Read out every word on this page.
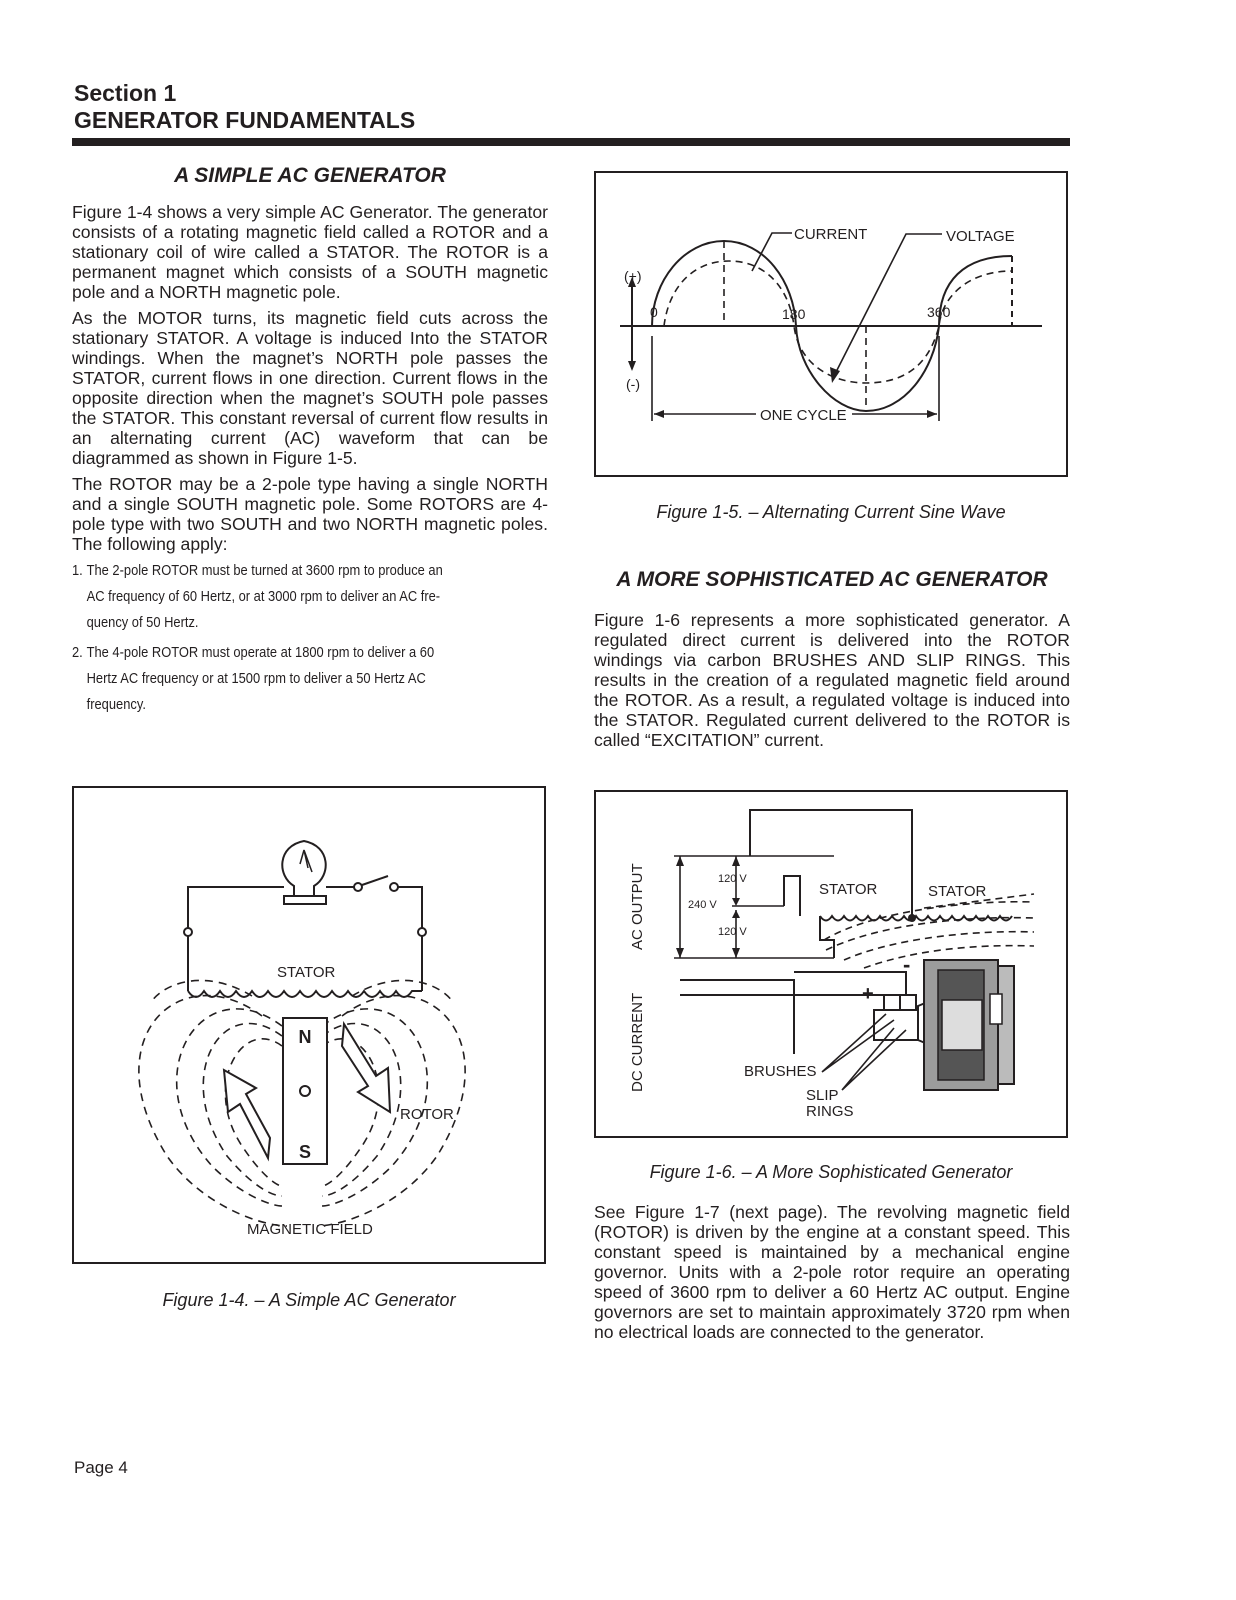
Section 1
GENERATOR FUNDAMENTALS
A SIMPLE AC GENERATOR

Figure 1-4 shows a very simple AC Generator. The generator consists of a rotating magnetic field called a ROTOR and a stationary coil of wire called a STATOR. The ROTOR is a permanent magnet which consists of a SOUTH magnetic pole and a NORTH magnetic pole.

As the MOTOR turns, its magnetic field cuts across the stationary STATOR. A voltage is induced Into the STATOR windings. When the magnet’s NORTH pole passes the STATOR, current flows in one direction. Current flows in the opposite direction when the magnet’s SOUTH pole passes the STATOR. This constant reversal of current flow results in an alternating current (AC) waveform that can be diagrammed as shown in Figure 1-5.

The ROTOR may be a 2-pole type having a single NORTH and a single SOUTH magnetic pole. Some ROTORS are 4-pole type with two SOUTH and two NORTH magnetic poles. The following apply:

1. The 2-pole ROTOR must be turned at 3600 rpm to produce an
AC frequency of 60 Hertz, or at 3000 rpm to deliver an AC fre-
quency of 50 Hertz.
2. The 4-pole ROTOR must operate at 1800 rpm to deliver a 60
Hertz AC frequency or at 1500 rpm to deliver a 50 Hertz AC
frequency.
N
S
STATOR
ROTOR
MAGNETIC FIELD
Figure 1-4. – A Simple AC Generator
(+)
(-)
0	180	360
CURRENT	VOLTAGE
ONE CYCLE
Figure 1-5. – Alternating Current Sine Wave
A MORE SOPHISTICATED AC GENERATOR

Figure 1-6 represents a more sophisticated generator. A regulated direct current is delivered into the ROTOR windings via carbon BRUSHES AND SLIP RINGS. This results in the creation of a regulated magnetic field around the ROTOR. As a result, a regulated voltage is induced into the STATOR. Regulated current delivered to the ROTOR is called “EXCITATION” current.

AC OUTPUT
DC CURRENT
120 V
240 V
120 V
STATOR	STATOR
-
+
BRUSHES
SLIP
RINGS
Figure 1-6. – A More Sophisticated Generator

See Figure 1-7 (next page). The revolving magnetic field (ROTOR) is driven by the engine at a constant speed. This constant speed is maintained by a mechanical engine governor. Units with a 2-pole rotor require an operating speed of 3600 rpm to deliver a 60 Hertz AC output. Engine governors are set to maintain approximately 3720 rpm when no electrical loads are connected to the generator.

Page 4
